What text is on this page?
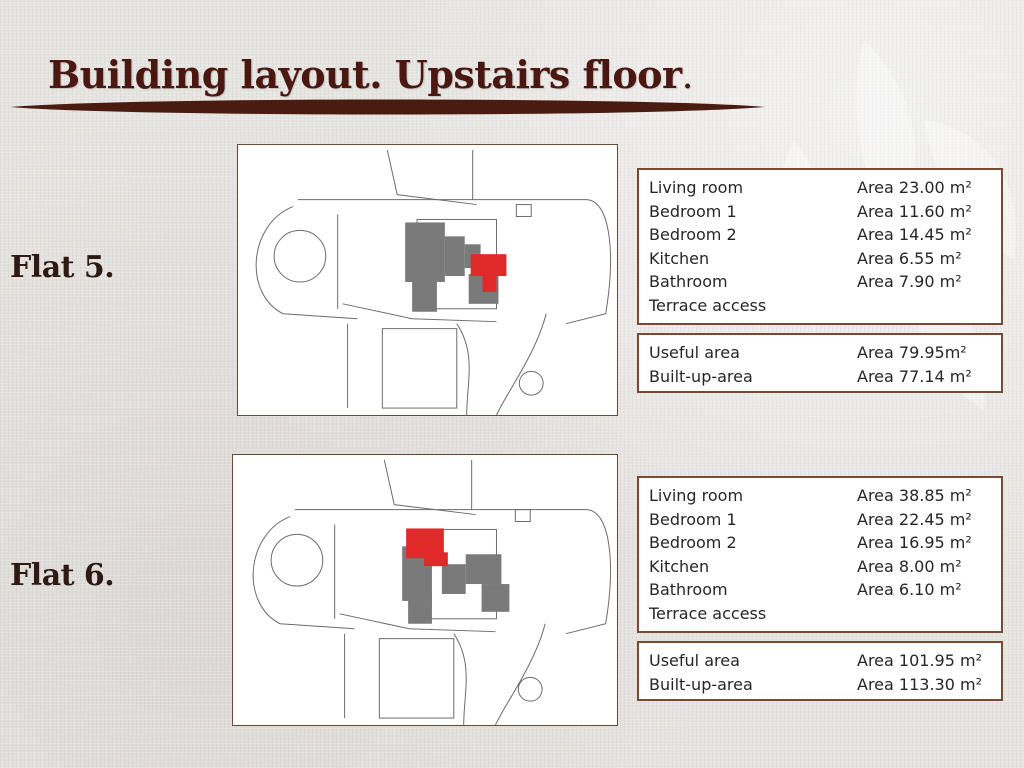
Building layout. Upstairs floor.
Flat 5.
Living room	Area 23.00 m²
Bedroom 1	Area 11.60 m²
Bedroom 2	Area 14.45 m²
Kitchen	Area 6.55 m²
Bathroom	Area 7.90 m²
Terrace access
Useful area	Area 79.95m²
Built-up-area	Area 77.14 m²
Flat 6.
Living room	Area 38.85 m²
Bedroom 1	Area 22.45 m²
Bedroom 2	Area 16.95 m²
Kitchen	Area 8.00 m²
Bathroom	Area 6.10 m²
Terrace access
Useful area	Area 101.95 m²
Built-up-area	Area 113.30 m²
